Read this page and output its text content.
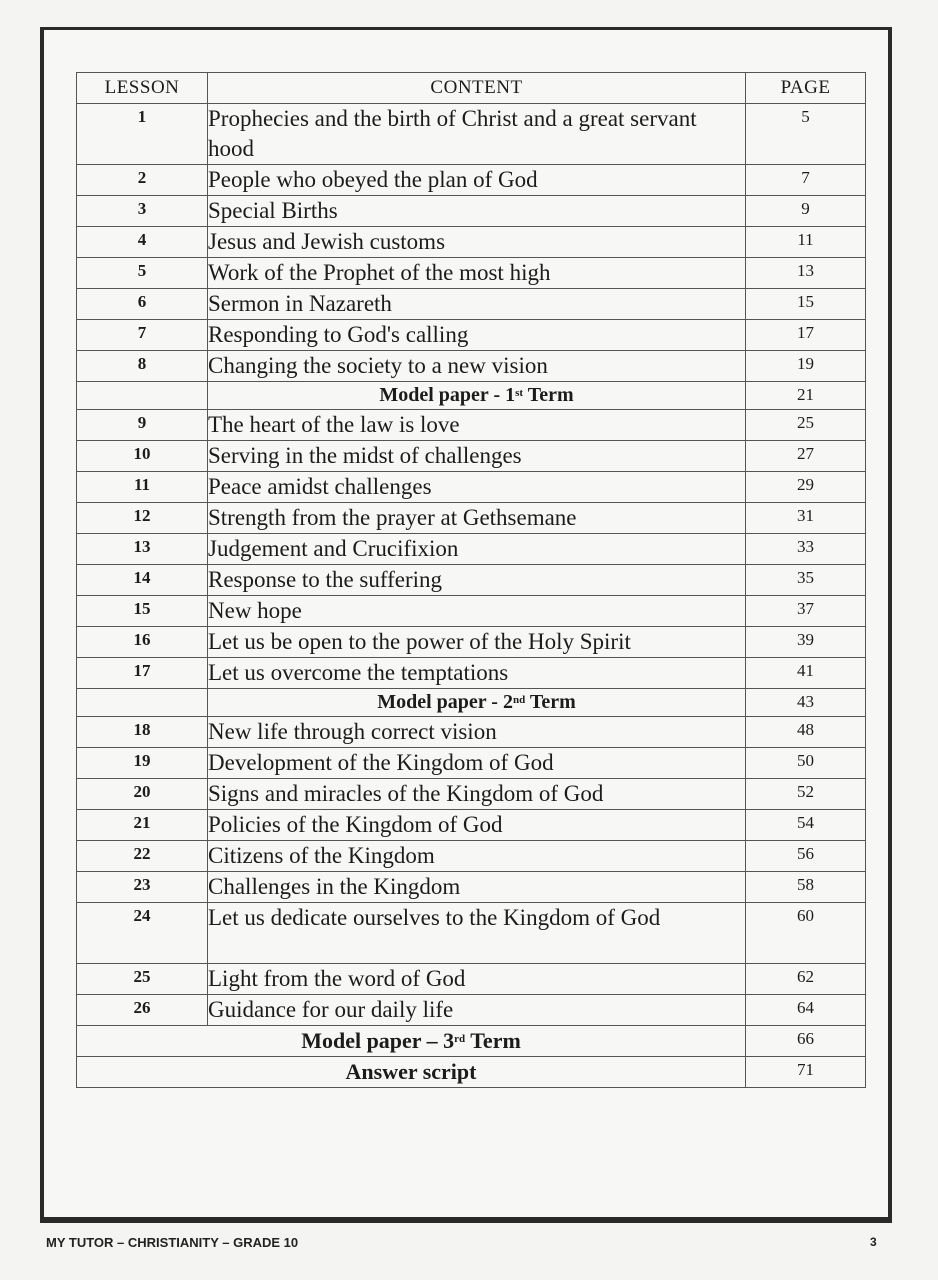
LESSON	CONTENT	PAGE
1	Prophecies and the birth of Christ and a great servant hood	5
2	People who obeyed the plan of God	7
3	Special Births	9
4	Jesus and Jewish customs	11
5	Work of the Prophet of the most high	13
6	Sermon in Nazareth	15
7	Responding to God's calling	17
8	Changing the society to a new vision	19
	Model paper - 1st Term	21
9	The heart of the law is love	25
10	Serving in the midst of challenges	27
11	Peace amidst challenges	29
12	Strength from the prayer at Gethsemane	31
13	Judgement and Crucifixion	33
14	Response to the suffering	35
15	New hope	37
16	Let us be open to the power of the Holy Spirit	39
17	Let us overcome the temptations	41
	Model paper - 2nd Term	43
18	New life through correct vision	48
19	Development of the Kingdom of God	50
20	Signs and miracles of the Kingdom of God	52
21	Policies of the Kingdom of God	54
22	Citizens of the Kingdom	56
23	Challenges in the Kingdom	58
24	Let us dedicate ourselves to the Kingdom of God	60
25	Light from the word of God	62
26	Guidance for our daily life	64
Model paper – 3rd Term		66
Answer script		71
MY TUTOR – CHRISTIANITY – GRADE 10	3
